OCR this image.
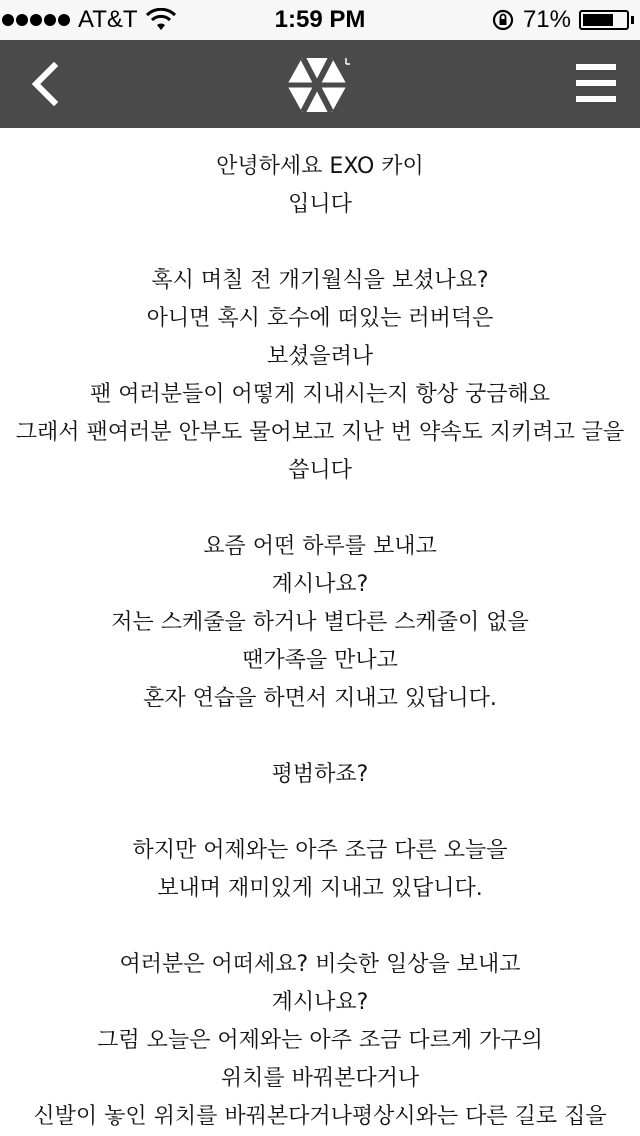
AT&T	1:59 PM	71%

안녕하세요 EXO 카이

입니다

혹시 며칠 전 개기월식을 보셨나요?

아니면 혹시 호수에 떠있는 러버덕은

보셨을려나

팬 여러분들이 어떻게 지내시는지 항상 궁금해요

그래서 팬여러분 안부도 물어보고 지난 번 약속도 지키려고 글을

씁니다

요즘 어떤 하루를 보내고

계시나요?

저는 스케줄을 하거나 별다른 스케줄이 없을

땐가족을 만나고

혼자 연습을 하면서 지내고 있답니다.

평범하죠?

하지만 어제와는 아주 조금 다른 오늘을

보내며 재미있게 지내고 있답니다.

여러분은 어떠세요? 비슷한 일상을 보내고

계시나요?

그럼 오늘은 어제와는 아주 조금 다르게 가구의

위치를 바꿔본다거나

신발이 놓인 위치를 바꿔본다거나평상시와는 다른 길로 집을
